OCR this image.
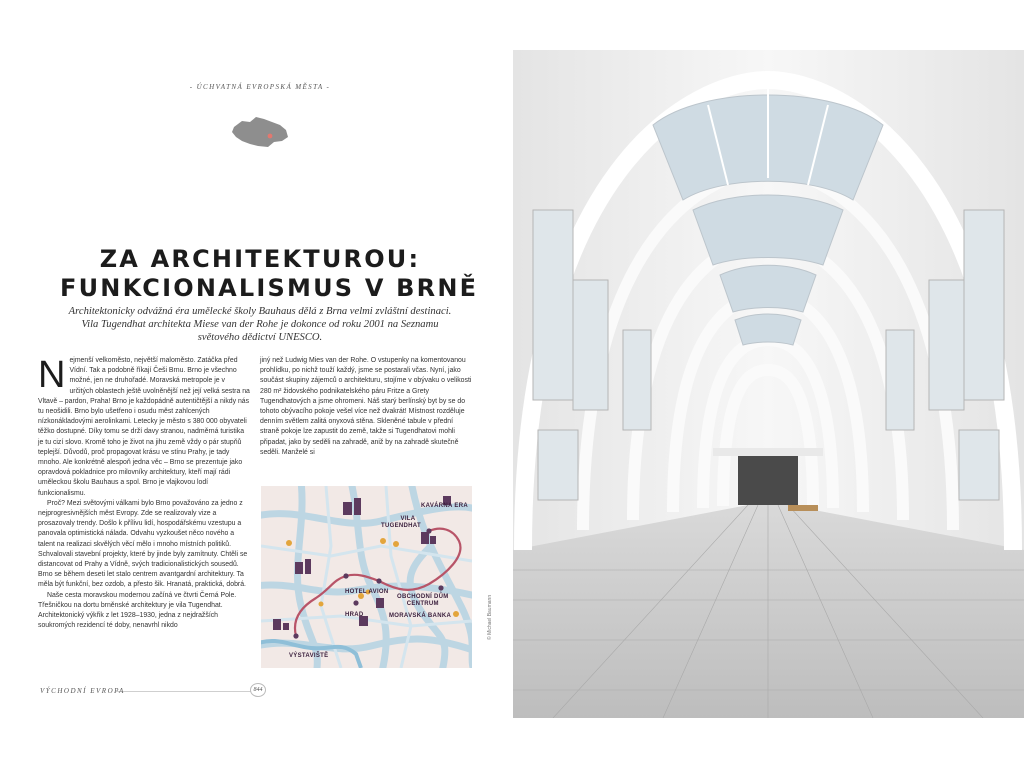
- ÚCHVATNÁ EVROPSKÁ MĚSTA -
ZA ARCHITEKTUROU:
FUNKCIONALISMUS V BRNĚ
Architektonicky odvážná éra umělecké školy Bauhaus dělá z Brna velmi zvláštní destinaci. Vila Tugendhat architekta Miese van der Rohe je dokonce od roku 2001 na Seznamu světového dědictví UNESCO.

Nejmenší velkoměsto, největší maloměsto. Zatáčka před Vídní. Tak a podobně říkají Češi Brnu. Brno je všechno možné, jen ne druhořadé. Moravská metropole je v určitých oblastech ještě uvolněnější než její velká sestra na Vltavě – pardon, Praha! Brno je každopádně autentičtější a nikdy nás tu neošidili. Brno bylo ušetřeno i osudu měst zahlcených nízkonákladovými aerolinkami. Letecky je město s 380 000 obyvateli těžko dostupné. Díky tomu se drží davy stranou, nadměrná turistika je tu cizí slovo. Kromě toho je život na jihu země vždy o pár stupňů teplejší. Důvodů, proč propagovat krásu ve stínu Prahy, je tady mnoho. Ale konkrétně alespoň jedna věc – Brno se prezentuje jako opravdová pokladnice pro milovníky architektury, kteří mají rádi uměleckou školu Bauhaus a spol. Brno je vlajkovou lodí funkcionalismu.

Proč? Mezi světovými válkami bylo Brno považováno za jedno z nejprogresivnějších měst Evropy. Zde se realizovaly vize a prosazovaly trendy. Došlo k přílivu lidí, hospodářskému vzestupu a panovala optimistická nálada. Odvahu vyzkoušet něco nového a talent na realizaci skvělých věcí mělo i mnoho místních politiků. Schvalovali stavební projekty, které by jinde byly zamítnuty. Chtěli se distancovat od Prahy a Vídně, svých tradicionalistických sousedů. Brno se během deseti let stalo centrem avantgardní architektury. Ta měla být funkční, bez ozdob, a přesto šik. Hranatá, praktická, dobrá.

Naše cesta moravskou modernou začíná ve čtvrti Černá Pole. Třešničkou na dortu brněnské architektury je vila Tugendhat. Architektonický výkřik z let 1928–1930, jedna z nejdražších soukromých rezidencí té doby, nenavrhl nikdo

jiný než Ludwig Mies van der Rohe. O vstupenky na komentovanou prohlídku, po nichž touží každý, jsme se postarali včas. Nyní, jako součást skupiny zájemců o architekturu, stojíme v obývaku o velikosti 280 m² židovského podnikatelského páru Fritze a Grety Tugendhatových a jsme ohromeni. Náš starý berlínský byt by se do tohoto obývacího pokoje vešel více než dvakrát! Místnost rozděluje denním světlem zalitá onyxová stěna. Skleněné tabule v přední straně pokoje lze zapustit do země, takže si Tugendhatovi mohli připadat, jako by seděli na zahradě, aniž by na zahradě skutečně seděli. Manželé si

KAVÁRNA ERA
VILA
TUGENDHAT
HOTEL AVION
OBCHODNÍ DŮM
CENTRUM
HRAD	MORAVSKÁ BANKA
VÝSTAVIŠTĚ
© Michael Baumann
VÝCHODNÍ EVROPA	844
